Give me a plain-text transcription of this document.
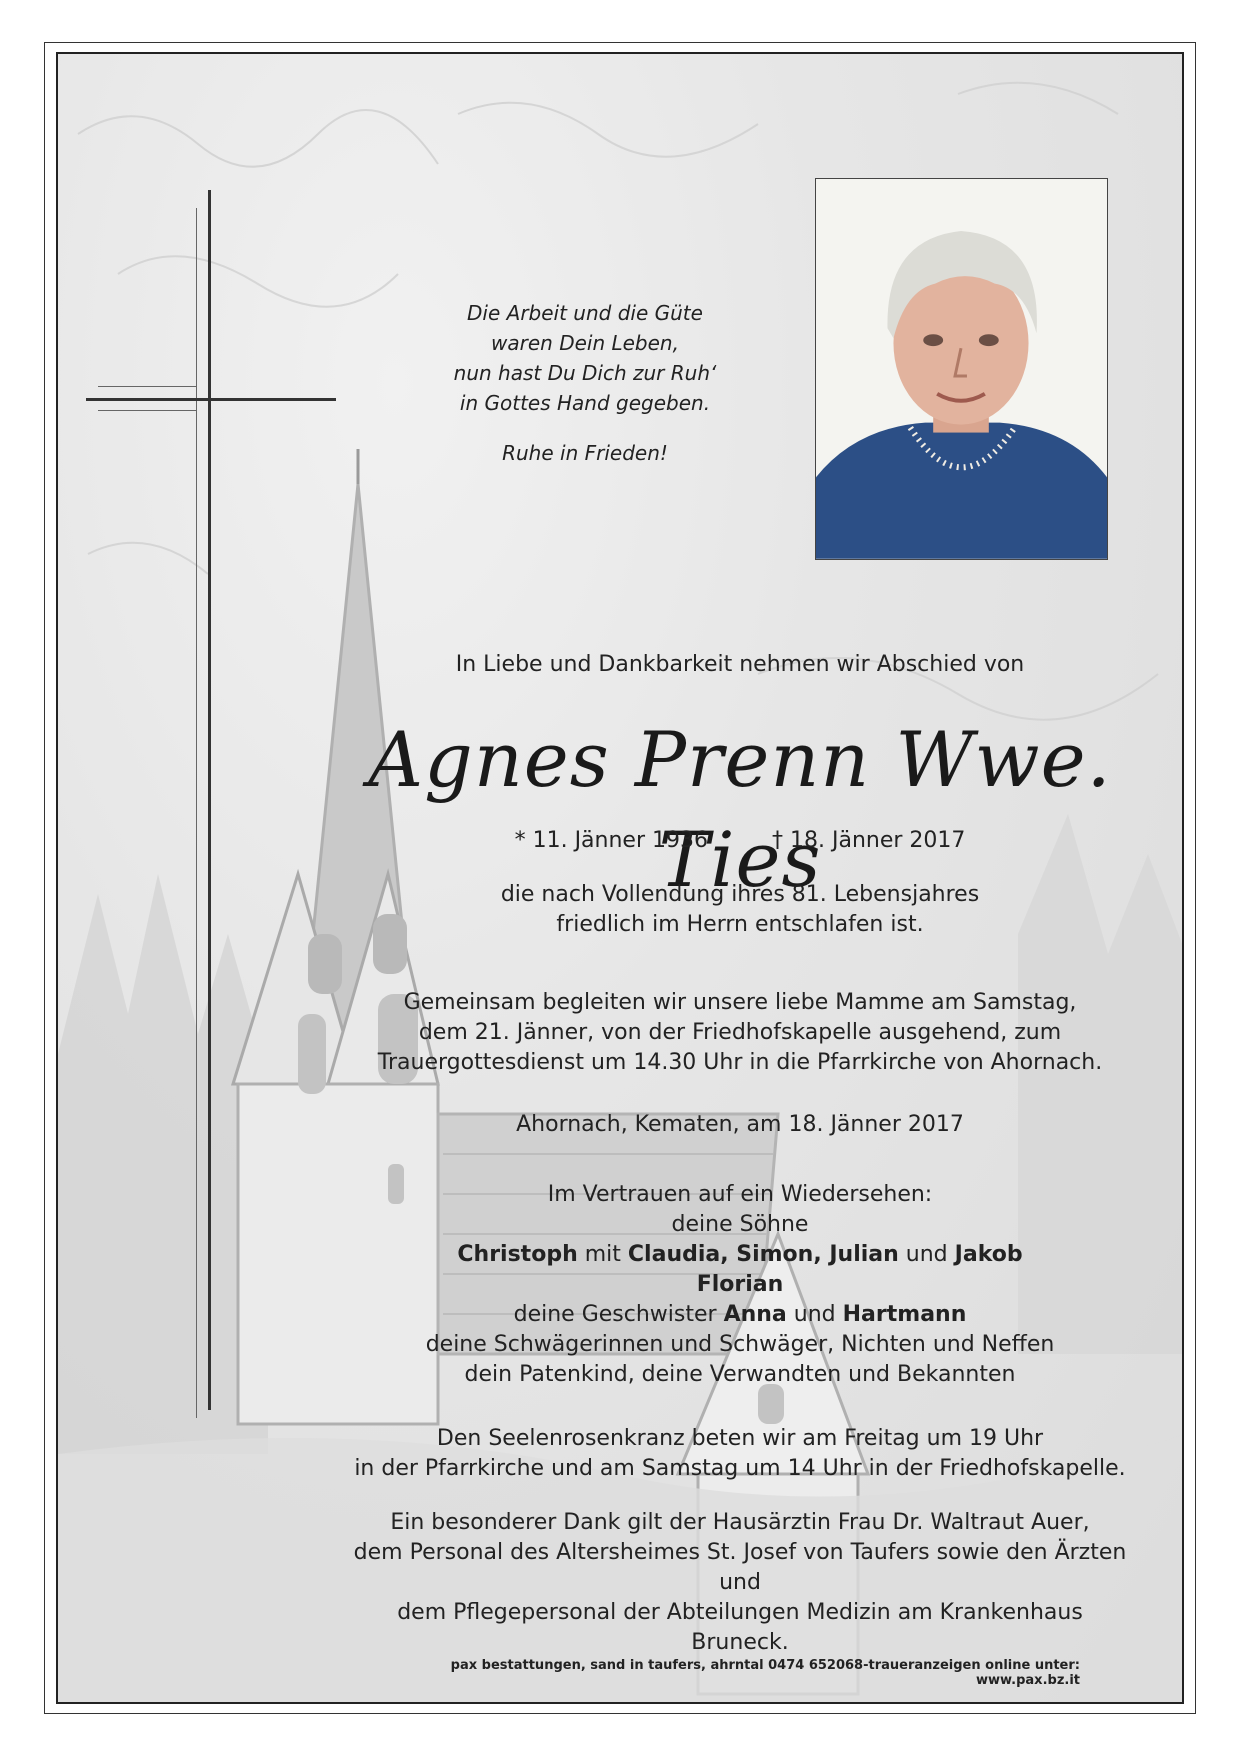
Die Arbeit und die Güte
waren Dein Leben,
nun hast Du Dich zur Ruh‘
in Gottes Hand gegeben.
Ruhe in Frieden!
In Liebe und Dankbarkeit nehmen wir Abschied von
Agnes Prenn Wwe. Ties
* 11. Jänner 1936	† 18. Jänner 2017
die nach Vollendung ihres 81. Lebensjahres
friedlich im Herrn entschlafen ist.
Gemeinsam begleiten wir unsere liebe Mamme am Samstag,
dem 21. Jänner, von der Friedhofskapelle ausgehend, zum
Trauergottesdienst um 14.30 Uhr in die Pfarrkirche von Ahornach.
Ahornach, Kematen, am 18. Jänner 2017
Im Vertrauen auf ein Wiedersehen:
deine Söhne
Christoph mit Claudia, Simon, Julian und Jakob
Florian
deine Geschwister Anna und Hartmann
deine Schwägerinnen und Schwäger, Nichten und Neffen
dein Patenkind, deine Verwandten und Bekannten
Den Seelenrosenkranz beten wir am Freitag um 19 Uhr
in der Pfarrkirche und am Samstag um 14 Uhr in der Friedhofskapelle.
Ein besonderer Dank gilt der Hausärztin Frau Dr. Waltraut Auer,
dem Personal des Altersheimes St. Josef von Taufers sowie den Ärzten und
dem Pflegepersonal der Abteilungen Medizin am Krankenhaus Bruneck.
pax bestattungen, sand in taufers, ahrntal 0474 652068-traueranzeigen online unter: www.pax.bz.it
